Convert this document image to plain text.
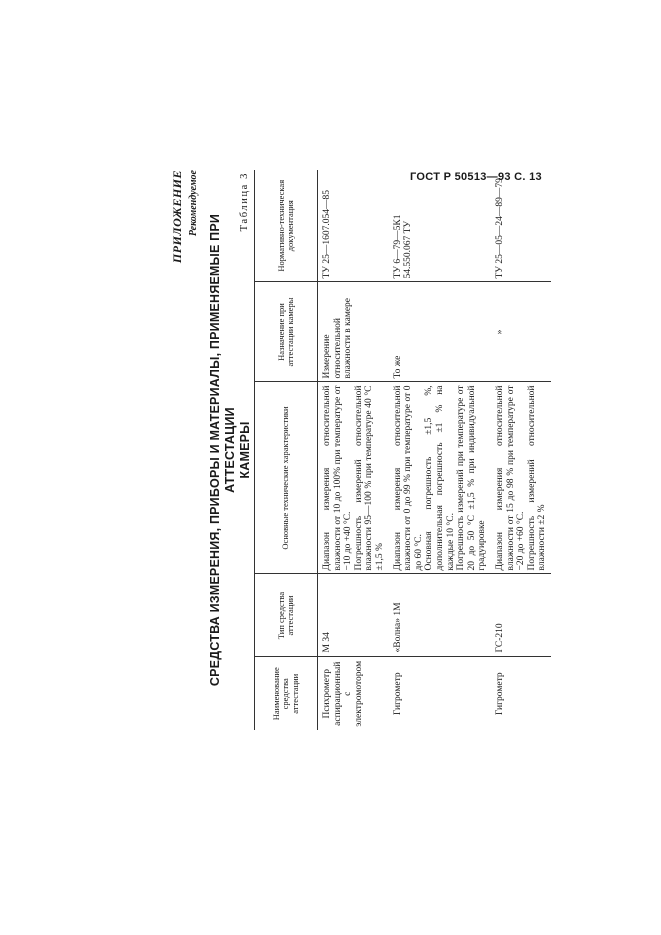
ГОСТ Р 50513—93 С. 13
ПРИЛОЖЕНИЕ Рекомендуемое
СРЕДСТВА ИЗМЕРЕНИЯ, ПРИБОРЫ И МАТЕРИАЛЫ, ПРИМЕНЯЕМЫЕ ПРИ АТТЕСТАЦИИ КАМЕРЫ
Таблица 3
Наименование средства аттестации	Тип средства аттестации	Основные технические характеристики	Назначение при аттестации камеры	Нормативно-техническая документация
Психрометр аспирационный с электромотором	М 34	Диапазон измерения относительной влажности от 10 до 100% при температуре от −10 до +40 °С. Погрешность измерений относительной влажности 95—100 % при температуре 40 °С ±1,5 %	Измерение относительной влажности в камере	ТУ 25—1607.054—85
Гигрометр	«Волна» 1М	Диапазон измерения относительной влажности от 0 до 99 % при температуре от 0 до 60 °С. Основная погрешность ±1,5 %, дополнительная погрешность ±1 % на каждые 10 °С. Погрешность измерений при температуре от 20 до 50 °С ±1,5 % при индивидуальной градуировке	То же	ТУ 6—79—5К1 54.550.067 ТУ
Гигрометр	ГС-210	Диапазон измерения относительной влажности от 15 до 98 % при температуре от −20 до +60 °С. Погрешность измерений относительной влажности ±2 %	»	ТУ 25—05—24—89—79
